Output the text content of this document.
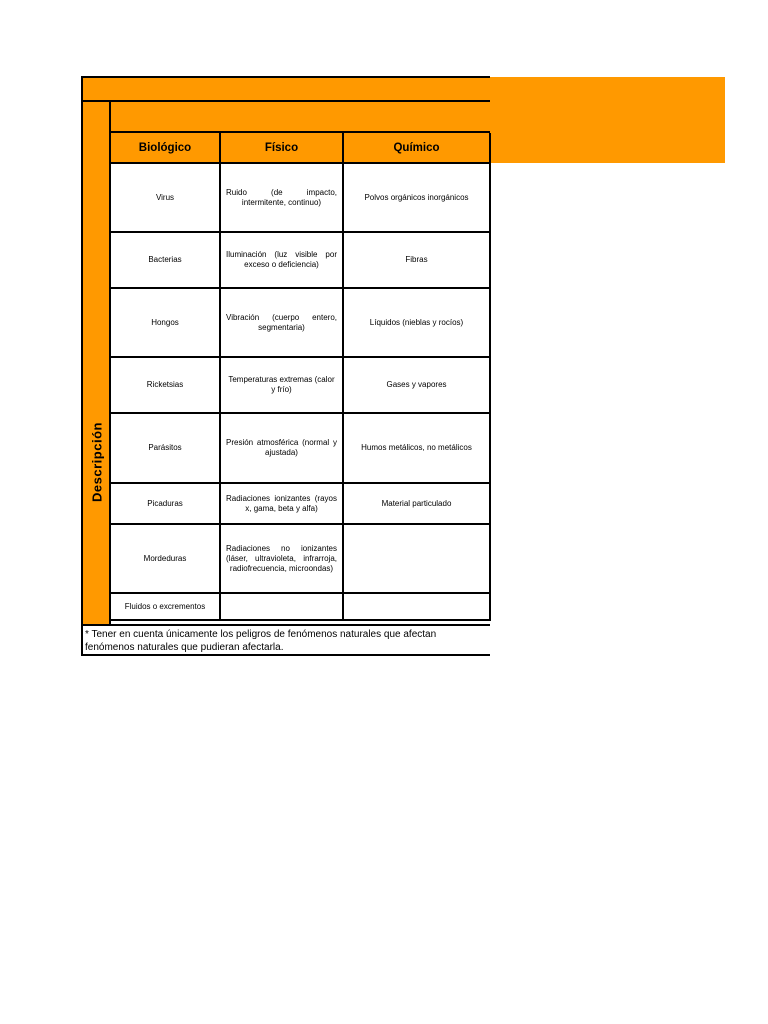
Descripción
Biológico	Físico	Químico
Virus	Ruido (de impacto, intermitente, continuo)	Polvos orgánicos inorgánicos
Bacterias	Iluminación (luz visible por exceso o deficiencia)	Fibras
Hongos	Vibración (cuerpo entero, segmentaria)	Líquidos (nieblas y rocíos)
Ricketsias	Temperaturas extremas (calor y frío)	Gases y vapores
Parásitos	Presión atmosférica (normal y ajustada)	Humos metálicos, no metálicos
Picaduras	Radiaciones ionizantes (rayos x, gama, beta y alfa)	Material particulado
Mordeduras	Radiaciones no ionizantes (láser, ultravioleta, infrarroja, radiofrecuencia, microondas)	
Fluidos o excrementos		
* Tener en cuenta únicamente los peligros de fenómenos naturales que afectan
fenómenos naturales que pudieran afectarla.
